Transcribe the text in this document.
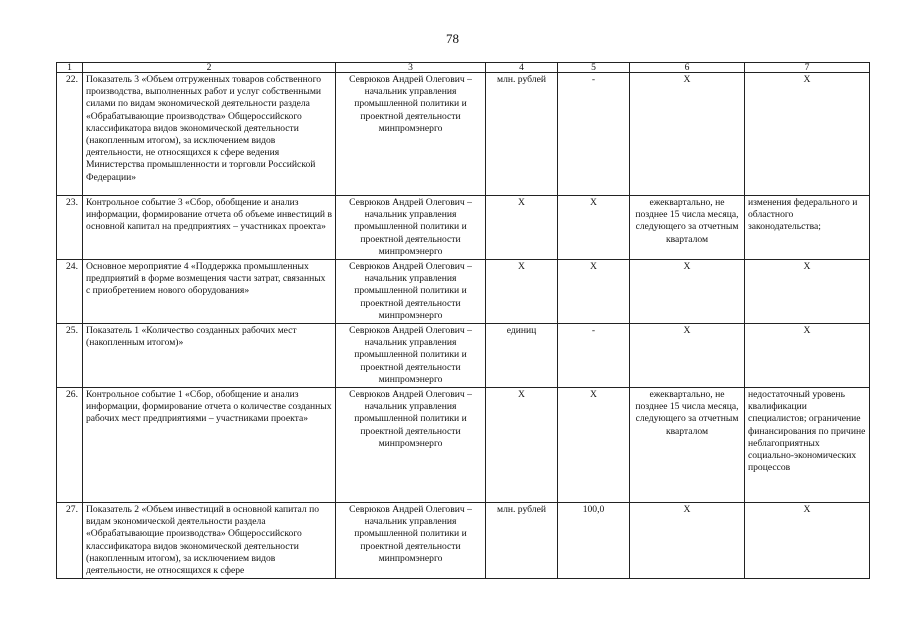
78
1	2	3	4	5	6	7
22.	Показатель 3 «Объем отгруженных товаров собственного производства, выполненных работ и услуг собственными силами по видам экономической деятельности раздела «Обрабатывающие производства» Общероссийского классификатора видов экономической деятельности (накопленным итогом), за исключением видов деятельности, не относящихся к сфере ведения Министерства промышленности и торговли Российской Федерации»	Севрюков Андрей Олегович – начальник управления промышленной политики и проектной деятельности минпромэнерго	млн. рублей	-	Х	Х
23.	Контрольное событие 3 «Сбор, обобщение и анализ информации, формирование отчета об объеме инвестиций в основной капитал на предприятиях – участниках проекта»	Севрюков Андрей Олегович – начальник управления промышленной политики и проектной деятельности минпромэнерго	Х	Х	ежеквартально, не позднее 15 числа месяца, следующего за отчетным кварталом	изменения федерального и областного законодательства;
24.	Основное мероприятие 4 «Поддержка промышленных предприятий в форме возмещения части затрат, связанных с приобретением нового оборудования»	Севрюков Андрей Олегович – начальник управления промышленной политики и проектной деятельности минпромэнерго	Х	Х	Х	Х
25.	Показатель 1 «Количество созданных рабочих мест (накопленным итогом)»	Севрюков Андрей Олегович – начальник управления промышленной политики и проектной деятельности минпромэнерго	единиц	-	Х	Х
26.	Контрольное событие 1 «Сбор, обобщение и анализ информации, формирование отчета о количестве созданных рабочих мест предприятиями – участниками проекта»	Севрюков Андрей Олегович – начальник управления промышленной политики и проектной деятельности минпромэнерго	Х	Х	ежеквартально, не позднее 15 числа месяца, следующего за отчетным кварталом	недостаточный уровень квалификации специалистов; ограничение финансирования по причине неблагоприятных социально-экономических процессов
27.	Показатель 2 «Объем инвестиций в основной капитал по видам экономической деятельности раздела «Обрабатывающие производства» Общероссийского классификатора видов экономической деятельности (накопленным итогом), за исключением видов деятельности, не относящихся к сфере	Севрюков Андрей Олегович – начальник управления промышленной политики и проектной деятельности минпромэнерго	млн. рублей	100,0	Х	Х
